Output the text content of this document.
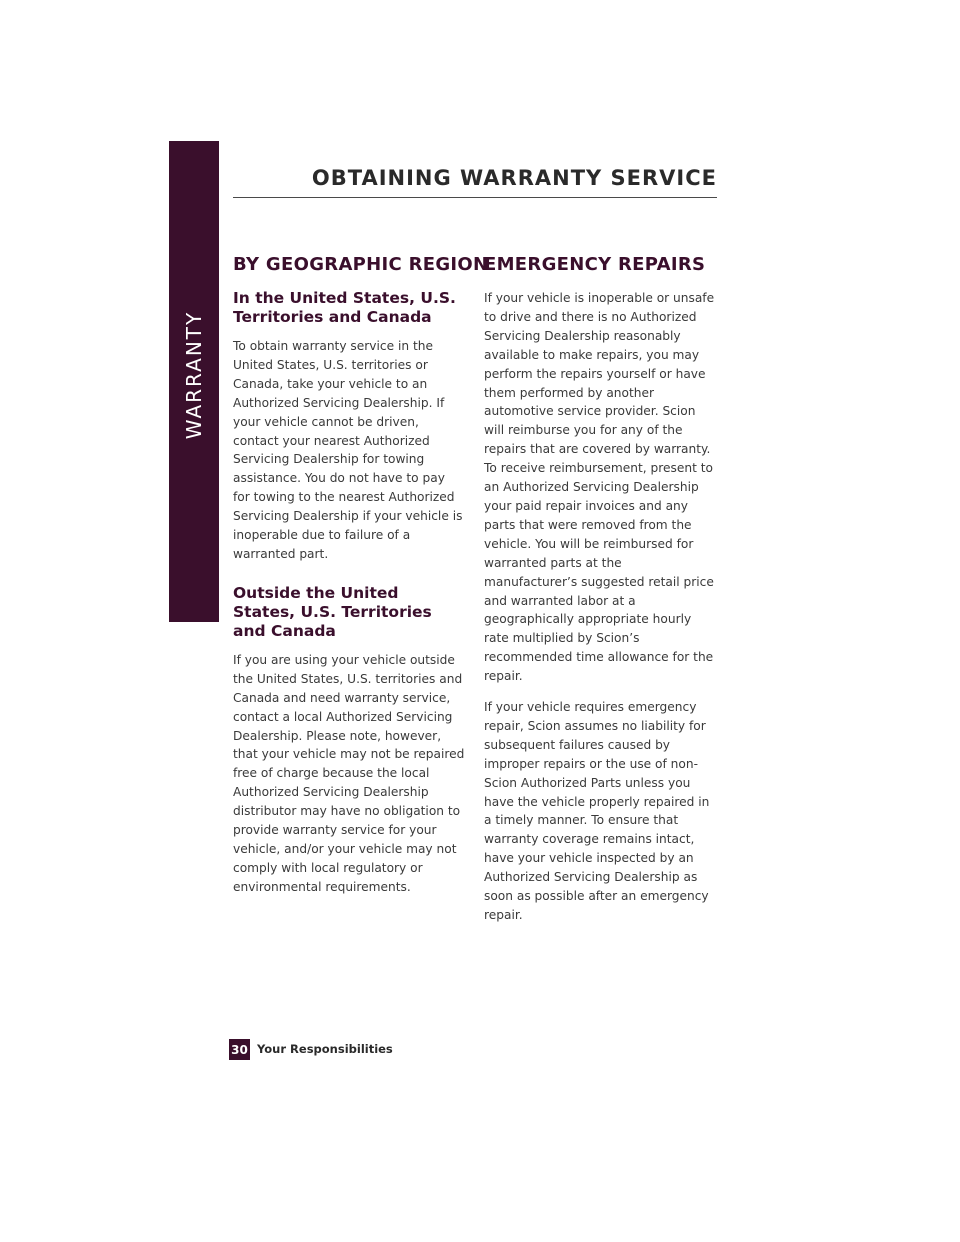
WARRANTY
OBTAINING WARRANTY SERVICE
BY GEOGRAPHIC REGION
In the United States, U.S. Territories and Canada

To obtain warranty service in the United States, U.S. territories or Canada, take your vehicle to an Authorized Servicing Dealership. If your vehicle cannot be driven, contact your nearest Authorized Servicing Dealership for towing assistance. You do not have to pay for towing to the nearest Authorized Servicing Dealership if your vehicle is inoperable due to failure of a warranted part.

Outside the United States, U.S. Territories and Canada

If you are using your vehicle outside the United States, U.S. territories and Canada and need warranty service, contact a local Authorized Servicing Dealership. Please note, however, that your vehicle may not be repaired free of charge because the local Authorized Servicing Dealership distributor may have no obligation to provide warranty service for your vehicle, and/or your vehicle may not comply with local regulatory or environmental requirements.

EMERGENCY REPAIRS

If your vehicle is inoperable or unsafe to drive and there is no Authorized Servicing Dealership reasonably available to make repairs, you may perform the repairs yourself or have them performed by another automotive service provider. Scion will reimburse you for any of the repairs that are covered by warranty. To receive reimbursement, present to an Authorized Servicing Dealership your paid repair invoices and any parts that were removed from the vehicle. You will be reimbursed for warranted parts at the manufacturer’s suggested retail price and warranted labor at a geographically appropriate hourly rate multiplied by Scion’s recommended time allowance for the repair.

If your vehicle requires emergency repair, Scion assumes no liability for subsequent failures caused by improper repairs or the use of non-Scion Authorized Parts unless you have the vehicle properly repaired in a timely manner. To ensure that warranty coverage remains intact, have your vehicle inspected by an Authorized Servicing Dealership as soon as possible after an emergency repair.

30 Your Responsibilities
